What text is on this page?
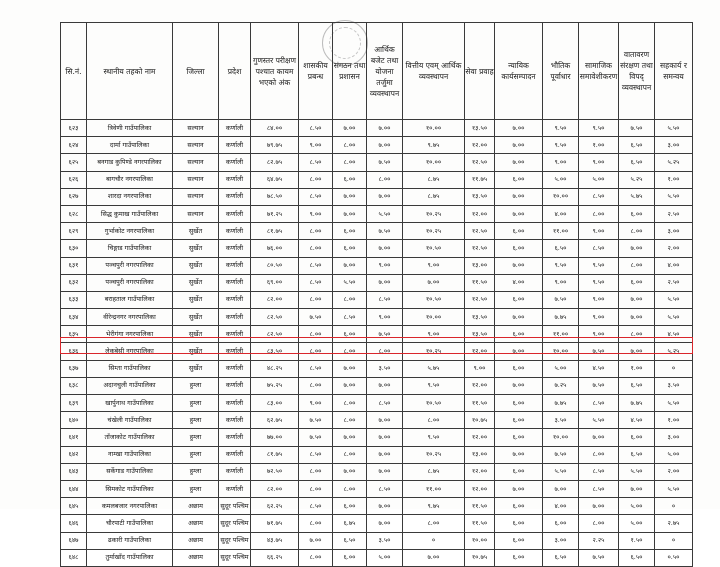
सि.नं.	स्थानीय तहको नाम	जिल्ला	प्रदेश	गुणस्तर परीक्षण पश्चात कायम भएको अंक	शासकीय प्रबन्ध	संगठन तथा प्रशासन	आर्थिक बजेट तथा योजना तर्जुमा व्यवस्थापन	वित्तीय एवम् आर्थिक व्यवस्थापन	सेवा प्रवाह	न्यायिक कार्यसम्पादन	भौतिक पूर्वाधार	सामाजिक समावेशीकरण	वातावरण संरक्षण तथा विपद् व्यवस्थापन	सहकार्य र समन्वय
६२३	त्रिवेणी गाउँपालिका	सल्यान	कर्णाली	८४.००	८.५०	७.००	७.००	१०.००	१३.५०	७.००	९.५०	९.५०	७.५०	५.५०
६२४	दार्मा गाउँपालिका	सल्यान	कर्णाली	७९.७५	९.००	८.००	७.००	९.७५	१२.००	७.००	९.५०	१.००	६.५०	३.००
६२५	बनगाड कुपिण्डे नगरपालिका	सल्यान	कर्णाली	८२.७५	८.५०	८.००	७.५०	१०.००	१२.५०	७.००	९.००	९.००	६.५०	५.२५
६२६	बागचौर नगरपालिका	सल्यान	कर्णाली	६४.७५	८.००	६.००	८.००	८.७५	११.७५	६.००	५.००	५.००	५.२५	१.००
६२७	शारदा नगरपालिका	सल्यान	कर्णाली	७८.५०	८.५०	७.००	७.००	८.७५	१३.५०	७.००	१०.००	८.५०	५.७५	५.५०
६२८	सिद्ध कुमाख गाउँपालिका	सल्यान	कर्णाली	७१.२५	९.००	७.००	५.५०	१०.२५	१२.००	७.००	४.००	८.००	६.००	२.५०
६२९	गुर्भाकोट नगरपालिका	सुर्खेत	कर्णाली	८१.७५	८.००	६.००	७.५०	१०.२५	१२.५०	६.००	११.००	९.००	८.००	३.००
६३०	चिङ्गाड गाउँपालिका	सुर्खेत	कर्णाली	७६.००	८.००	६.००	७.००	१०.५०	१२.५०	६.००	६.५०	८.५०	७.००	२.००
६३१	पञ्चपुरी नगरपालिका	सुर्खेत	कर्णाली	८०.५०	८.५०	७.००	९.००	९.००	१३.००	७.००	९.५०	९.५०	८.००	४.००
६३२	पञ्चपुरी नगरपालिका	सुर्खेत	कर्णाली	६९.००	८.५०	५.५०	७.००	७.००	११.५०	४.००	९.००	९.५०	६.००	२.५०
६३३	बराहताल गाउँपालिका	सुर्खेत	कर्णाली	८२.००	८.००	८.००	८.५०	१०.५०	१२.५०	६.००	७.५०	९.००	७.००	५.५०
६३४	वीरेन्द्रनगर नगरपालिका	सुर्खेत	कर्णाली	८२.५०	७.५०	८.५०	९.००	१०.००	१३.५०	७.००	७.७५	९.००	७.००	५.५०
६३५	भेरीगंगा नगरपालिका	सुर्खेत	कर्णाली	८२.५०	८.००	६.००	७.५०	९.००	१३.५०	६.००	११.००	९.००	८.००	४.५०
६३६	लेकबेसी नगरपालिका	सुर्खेत	कर्णाली	८३.५०	८.००	८.००	८.००	१०.२५	१२.००	७.००	१०.००	७.५०	७.००	५.२५
६३७	सिम्ता गाउँपालिका	सुर्खेत	कर्णाली	४८.२५	८.५०	७.००	३.५०	५.७५	९.००	६.००	५.००	४.५०	१.००	०
६३८	अदानचुली गाउँपालिका	हुम्ला	कर्णाली	७५.२५	८.००	७.००	७.००	९.५०	१२.००	७.००	७.२५	७.५०	६.५०	३.५०
६३९	खार्पुनाथ गाउँपालिका	हुम्ला	कर्णाली	८३.००	९.००	८.००	८.५०	१०.५०	११.५०	६.००	७.७५	८.५०	७.७५	५.५०
६४०	चंखेली गाउँपालिका	हुम्ला	कर्णाली	६२.७५	७.५०	८.००	७.००	८.००	१०.७५	६.००	३.५०	५.५०	४.५०	१.००
६४१	ताँजाकोट गाउँपालिका	हुम्ला	कर्णाली	७७.००	७.५०	७.००	७.००	९.५०	१२.००	६.००	१०.००	७.००	६.००	३.००
६४२	नाम्खा गाउँपालिका	हुम्ला	कर्णाली	८१.७५	८.५०	८.००	७.००	१०.२५	१३.००	७.००	७.५०	८.००	६.५०	५.००
६४३	सर्केगाड गाउँपालिका	हुम्ला	कर्णाली	७२.५०	८.००	७.००	७.००	८.७५	१२.००	६.००	५.५०	८.५०	५.५०	२.००
६४४	सिमकोट गाउँपालिका	हुम्ला	कर्णाली	८२.००	८.००	८.००	८.५०	११.००	१२.००	७.००	७.००	८.५०	७.००	५.५०
६४५	कमलबजार नगरपालिका	अछाम	सुदूर पश्चिम	६२.२५	८.५०	६.००	७.००	९.७५	११.५०	६.००	४.००	७.००	५.००	०
६४६	चौरपाटी गाउँपालिका	अछाम	सुदूर पश्चिम	७१.७५	८.००	६.७५	७.००	८.००	११.५०	६.००	६.००	८.००	५.००	२.७५
६४७	ढकारी गाउँपालिका	अछाम	सुदूर पश्चिम	४३.७५	७.००	६.५०	३.५०	०	१०.००	६.००	३.००	२.२५	१.५०	०
६४८	तुर्माखाँद गाउँपालिका	अछाम	सुदूर पश्चिम	६६.२५	८.००	६.००	५.००	७.००	१०.७५	६.००	६.५०	७.५०	६.५०	०.५०
